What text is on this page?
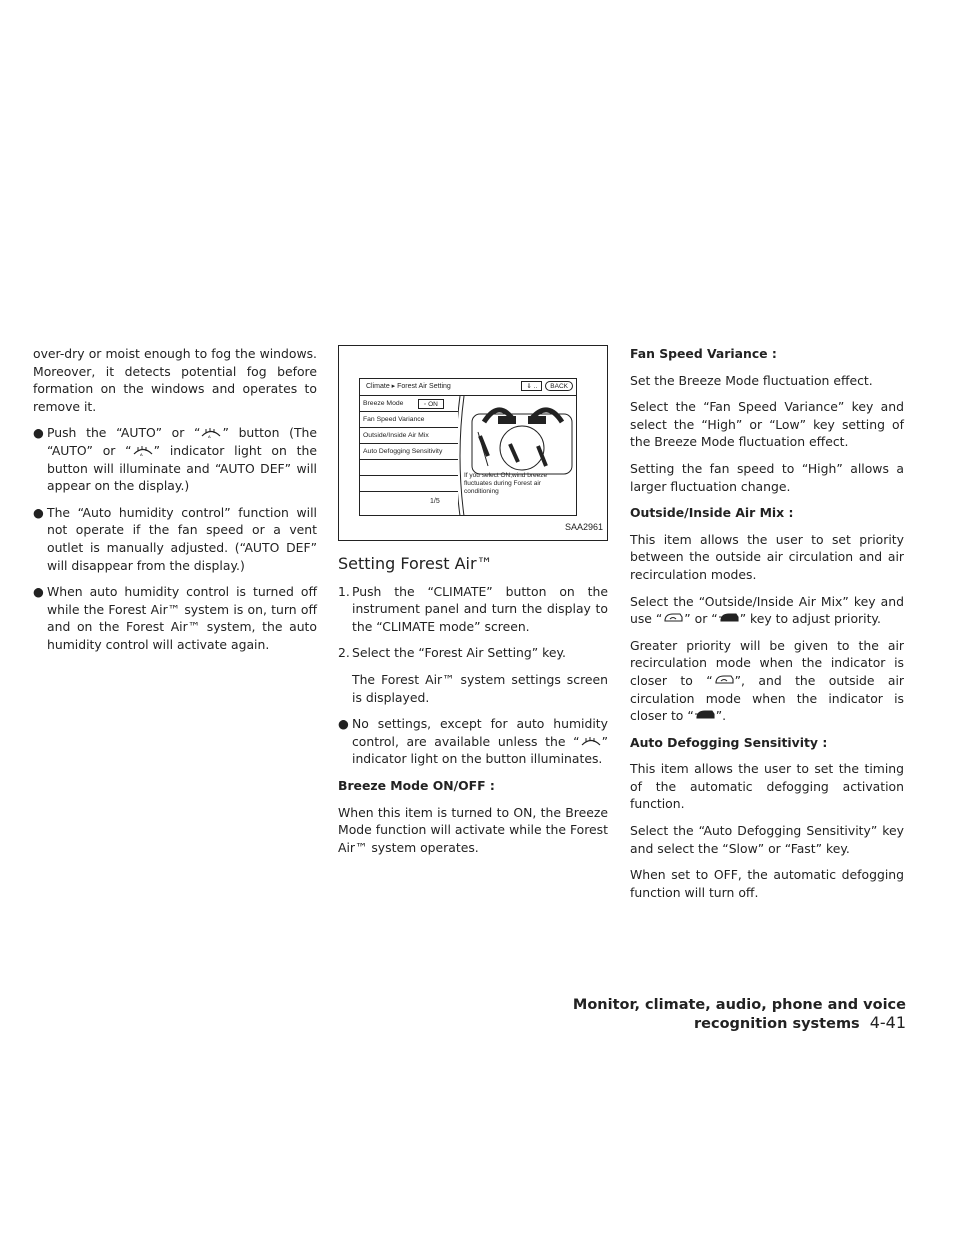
over-dry or moist enough to fog the windows. Moreover, it detects potential fog before formation on the windows and operates to remove it.

● Push the “AUTO” or “ A ” button (The “AUTO” or “ A ” indicator light on the button will illuminate and “AUTO DEF” will appear on the display.)
● The “Auto humidity control” function will not operate if the fan speed or a vent outlet is manually adjusted. (“AUTO DEF” will disappear from the display.)
● When auto humidity control is turned off while the Forest Air™ system is on, turn off and on the Forest Air™ system, the auto humidity control will activate again.
Climate ▸ Forest Air Setting	⇓ ..	BACK
Breeze Mode	◦ ON
Fan Speed Variance
Outside/Inside Air Mix
Auto Defogging Sensitivity
If you select ON,wind breeze fluctuates during Forest air conditioning
1/5
SAA2961
Setting Forest Air™
1. Push the “CLIMATE” button on the instrument panel and turn the display to the “CLIMATE mode” screen.
2. Select the “Forest Air Setting” key.

The Forest Air™ system settings screen is displayed.

● No settings, except for auto humidity control, are available unless the “ ” indicator light on the button illuminates.

Breeze Mode ON/OFF :

When this item is turned to ON, the Breeze Mode function will activate while the Forest Air™ system operates.

Fan Speed Variance :

Set the Breeze Mode fluctuation effect.

Select the “Fan Speed Variance” key and select the “High” or “Low” key setting of the Breeze Mode fluctuation effect.

Setting the fan speed to “High” allows a larger fluctuation change.

Outside/Inside Air Mix :

This item allows the user to set priority between the outside air circulation and air recirculation modes.

Select the “Outside/Inside Air Mix” key and use “ ” or “ ” key to adjust priority.

Greater priority will be given to the air recirculation mode when the indicator is closer to “ ”, and the outside air circulation mode when the indicator is closer to “ ”.

Auto Defogging Sensitivity :

This item allows the user to set the timing of the automatic defogging activation function.

Select the “Auto Defogging Sensitivity” key and select the “Slow” or “Fast” key.

When set to OFF, the automatic defogging function will turn off.

Monitor, climate, audio, phone and voice recognition systems 4-41
